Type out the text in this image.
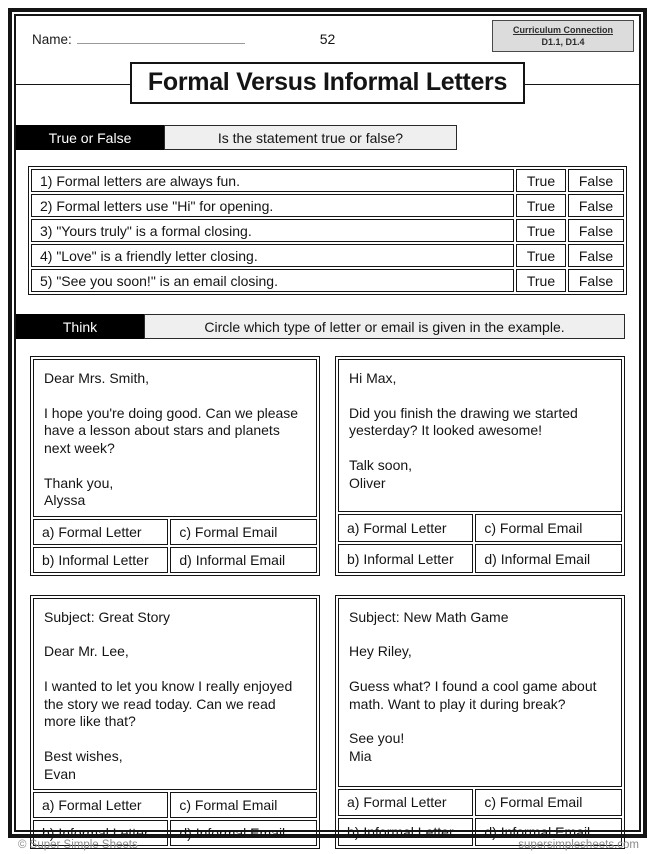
Name:	52
Curriculum Connection
D1.1, D1.4
Formal Versus Informal Letters
True or False	Is the statement true or false?
1) Formal letters are always fun.	True	False
2) Formal letters use "Hi" for opening.	True	False
3) "Yours truly" is a formal closing.	True	False
4) "Love" is a friendly letter closing.	True	False
5) "See you soon!" is an email closing.	True	False
Think	Circle which type of letter or email is given in the example.

Dear Mrs. Smith,

I hope you're doing good. Can we please have a lesson about stars and planets next week?

Thank you,

Alyssa	

a) Formal Letter	c) Formal Email
b) Informal Letter	d) Informal Email

Hi Max,

Did you finish the drawing we started yesterday? It looked awesome!

Talk soon,

Oliver	

a) Formal Letter	c) Formal Email
b) Informal Letter	d) Informal Email

Subject: Great Story

Dear Mr. Lee,

I wanted to let you know I really enjoyed the story we read today. Can we read more like that?

Best wishes,

Evan	

a) Formal Letter	c) Formal Email
b) Informal Letter	d) Informal Email

Subject: New Math Game

Hey Riley,

Guess what? I found a cool game about math. Want to play it during break?

See you!

Mia	

a) Formal Letter	c) Formal Email
b) Informal Letter	d) Informal Email
© Super Simple Sheets	supersimplesheets.com
